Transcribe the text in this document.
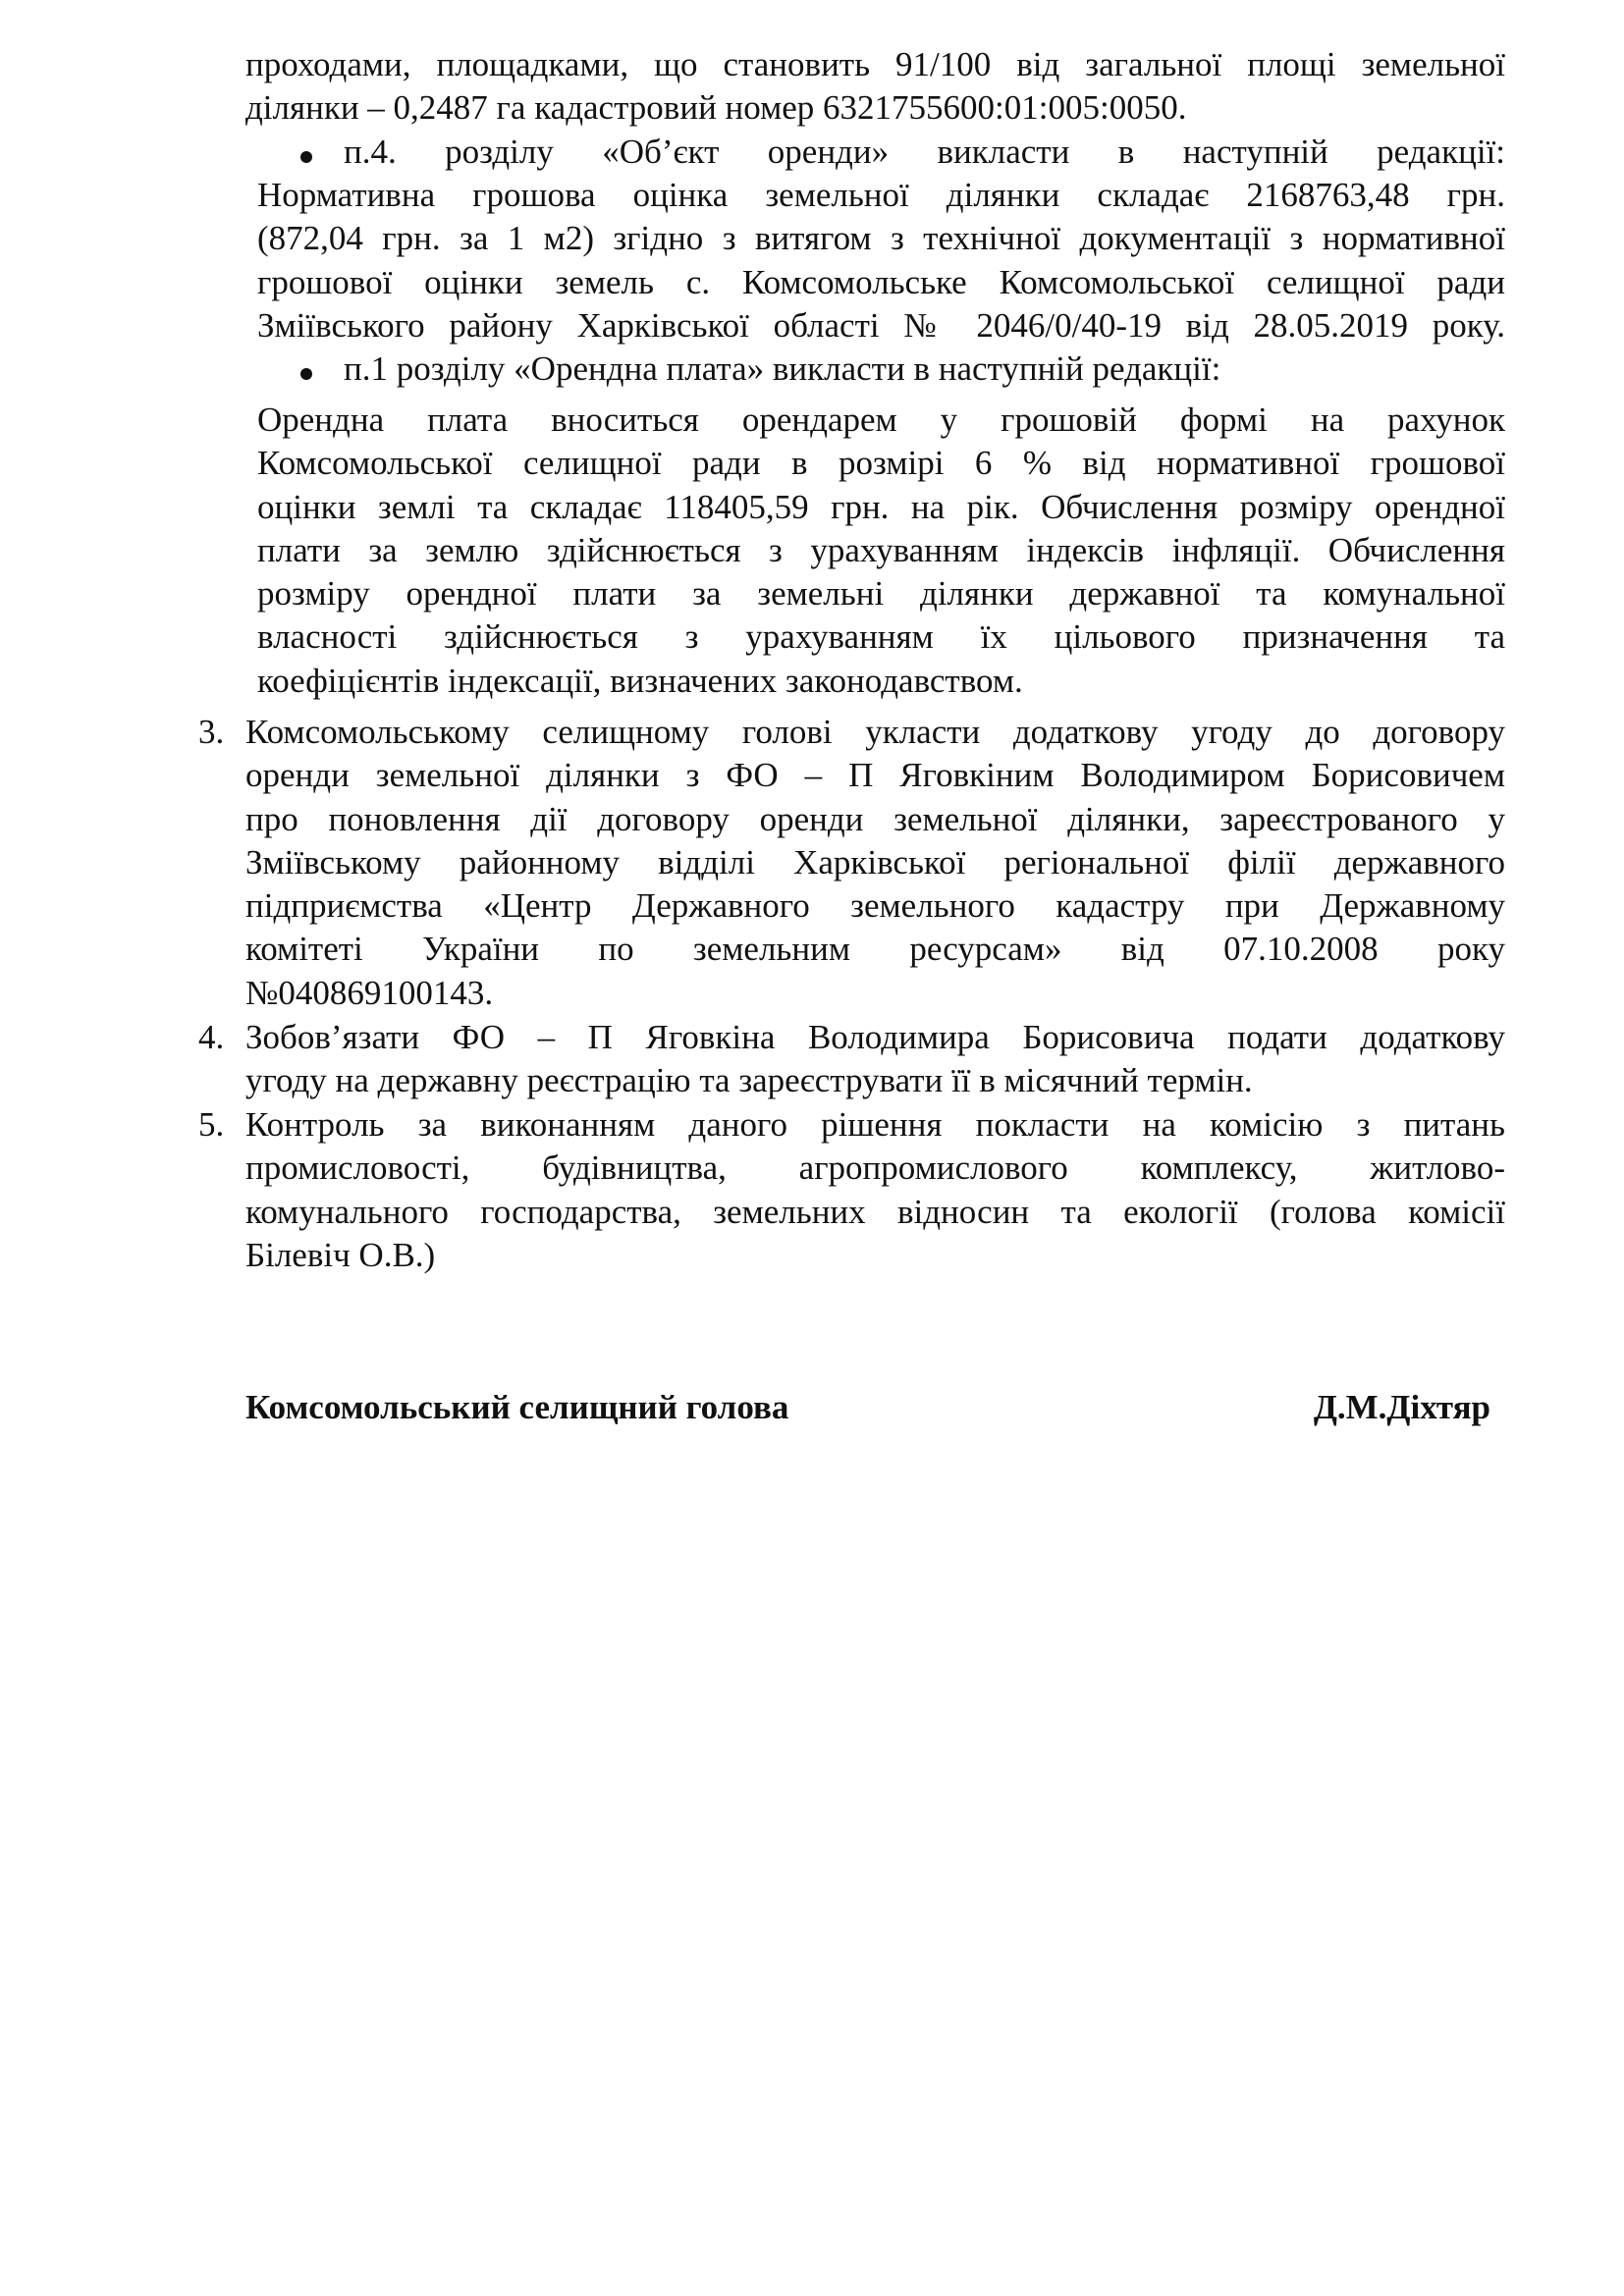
проходами, площадками, що становить 91/100 від загальної площі земельної
ділянки – 0,2487 га кадастровий номер 6321755600:01:005:0050.
п.4. розділу «Об’єкт оренди» викласти в наступній редакції:
Нормативна грошова оцінка земельної ділянки складає 2168763,48 грн.
(872,04 грн. за 1 м2) згідно з витягом з технічної документації з нормативної
грошової оцінки земель с. Комсомольське Комсомольської селищної ради
Зміївського району Харківської області № 2046/0/40-19 від 28.05.2019 року.
п.1 розділу «Орендна плата» викласти в наступній редакції:
Орендна плата вноситься орендарем у грошовій формі на рахунок
Комсомольської селищної ради в розмірі 6 % від нормативної грошової
оцінки землі та складає 118405,59 грн. на рік. Обчислення розміру орендної
плати за землю здійснюється з урахуванням індексів інфляції. Обчислення
розміру орендної плати за земельні ділянки державної та комунальної
власності здійснюється з урахуванням їх цільового призначення та
коефіцієнтів індексації, визначених законодавством.
3. Комсомольському селищному голові укласти додаткову угоду до договору
оренди земельної ділянки з ФО – П Яговкіним Володимиром Борисовичем
про поновлення дії договору оренди земельної ділянки, зареєстрованого у
Зміївському районному відділі Харківської регіональної філії державного
підприємства «Центр Державного земельного кадастру при Державному
комітеті України по земельним ресурсам» від 07.10.2008 року
№040869100143.
4. Зобов’язати ФО – П Яговкіна Володимира Борисовича подати додаткову
угоду на державну реєстрацію та зареєструвати її в місячний термін.
5. Контроль за виконанням даного рішення покласти на комісію з питань
промисловості, будівництва, агропромислового комплексу, житлово-
комунального господарства, земельних відносин та екології (голова комісії
Білевіч О.В.)
Комсомольський селищний голова	Д.М.Діхтяр
